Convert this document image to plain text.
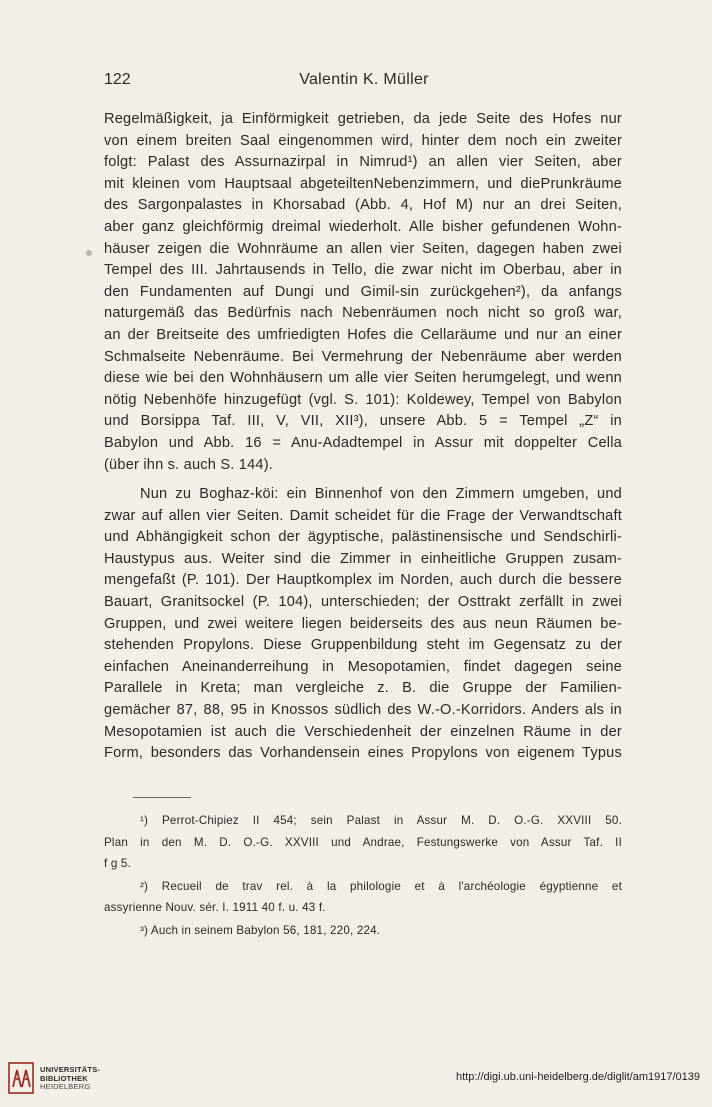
122	Valentin K. Müller
Regelmäßigkeit, ja Einförmigkeit getrieben, da jede Seite des Hofes nur
von einem breiten Saal eingenommen wird, hinter dem noch ein zweiter
folgt: Palast des Assurnazirpal in Nimrud¹) an allen vier Seiten, aber
mit kleinen vom Hauptsaal abgeteiltenNebenzimmern, und diePrunkräume
des Sargonpalastes in Khorsabad (Abb. 4, Hof M) nur an drei Seiten,
aber ganz gleichförmig dreimal wiederholt. Alle bisher gefundenen Wohn-
häuser zeigen die Wohnräume an allen vier Seiten, dagegen haben zwei
Tempel des III. Jahrtausends in Tello, die zwar nicht im Oberbau, aber in
den Fundamenten auf Dungi und Gimil-sin zurückgehen²), da anfangs
naturgemäß das Bedürfnis nach Nebenräumen noch nicht so groß war,
an der Breitseite des umfriedigten Hofes die Cellaräume und nur an einer
Schmalseite Nebenräume. Bei Vermehrung der Nebenräume aber werden
diese wie bei den Wohnhäusern um alle vier Seiten herumgelegt, und wenn
nötig Nebenhöfe hinzugefügt (vgl. S. 101): Koldewey, Tempel von Babylon
und Borsippa Taf. III, V, VII, XII³), unsere Abb. 5 = Tempel „Z“ in
Babylon und Abb. 16 = Anu-Adadtempel in Assur mit doppelter Cella
(über ihn s. auch S. 144).
Nun zu Boghaz-köi: ein Binnenhof von den Zimmern umgeben, und
zwar auf allen vier Seiten. Damit scheidet für die Frage der Verwandtschaft
und Abhängigkeit schon der ägyptische, palästinensische und Sendschirli-
Haustypus aus. Weiter sind die Zimmer in einheitliche Gruppen zusam-
mengefaßt (P. 101). Der Hauptkomplex im Norden, auch durch die bessere
Bauart, Granitsockel (P. 104), unterschieden; der Osttrakt zerfällt in zwei
Gruppen, und zwei weitere liegen beiderseits des aus neun Räumen be-
stehenden Propylons. Diese Gruppenbildung steht im Gegensatz zu der
einfachen Aneinanderreihung in Mesopotamien, findet dagegen seine
Parallele in Kreta; man vergleiche z. B. die Gruppe der Familien-
gemächer 87, 88, 95 in Knossos südlich des W.-O.-Korridors. Anders als in
Mesopotamien ist auch die Verschiedenheit der einzelnen Räume in der
Form, besonders das Vorhandensein eines Propylons von eigenem Typus
¹) Perrot-Chipiez II 454; sein Palast in Assur M. D. O.-G. XXVIII 50.
Plan in den M. D. O.-G. XXVIII und Andrae, Festungswerke von Assur Taf. II
f g 5.
²) Recueil de trav rel. à la philologie et à l'archéologie égyptienne et
assyrienne Nouv. sér. I. 1911 40 f. u. 43 f.
³) Auch in seinem Babylon 56, 181, 220, 224.
UNIVERSITÄTS-
BIBLIOTHEK
HEIDELBERG
http://digi.ub.uni-heidelberg.de/diglit/am1917/0139
